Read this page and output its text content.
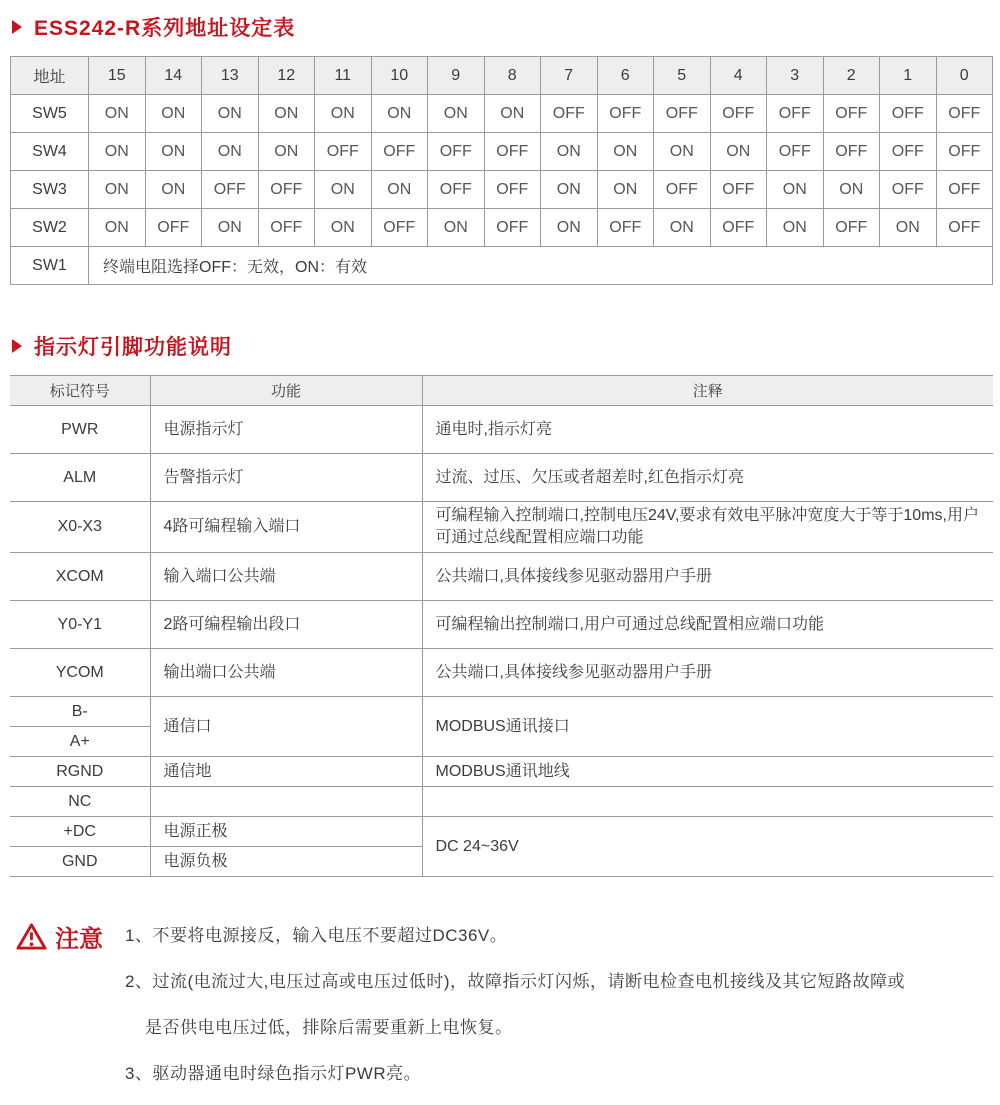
ESS242-R系列地址设定表
地址	15	14	13	12	11	10	9	8	7	6	5	4	3	2	1	0
SW5	ON	ON	ON	ON	ON	ON	ON	ON	OFF	OFF	OFF	OFF	OFF	OFF	OFF	OFF
SW4	ON	ON	ON	ON	OFF	OFF	OFF	OFF	ON	ON	ON	ON	OFF	OFF	OFF	OFF
SW3	ON	ON	OFF	OFF	ON	ON	OFF	OFF	ON	ON	OFF	OFF	ON	ON	OFF	OFF
SW2	ON	OFF	ON	OFF	ON	OFF	ON	OFF	ON	OFF	ON	OFF	ON	OFF	ON	OFF
SW1	终端电阻选择OFF：无效，ON：有效															
指示灯引脚功能说明
标记符号	功能	注释
PWR	电源指示灯	通电时,指示灯亮
ALM	告警指示灯	过流、过压、欠压或者超差时,红色指示灯亮
X0-X3	4路可编程输入端口	可编程输入控制端口,控制电压24V,要求有效电平脉冲宽度大于等于10ms,用户可通过总线配置相应端口功能
XCOM	输入端口公共端	公共端口,具体接线参见驱动器用户手册
Y0-Y1	2路可编程输出段口	可编程输出控制端口,用户可通过总线配置相应端口功能
YCOM	输出端口公共端	公共端口,具体接线参见驱动器用户手册
B-	通信口	MODBUS通讯接口
A+		
RGND	通信地	MODBUS通讯地线
NC		
+DC	电源正极	DC 24~36V
GND	电源负极	
注意 1、不要将电源接反，输入电压不要超过DC36V。
2、过流(电流过大,电压过高或电压过低时)，故障指示灯闪烁，请断电检查电机接线及其它短路故障或
是否供电电压过低，排除后需要重新上电恢复。
3、驱动器通电时绿色指示灯PWR亮。
